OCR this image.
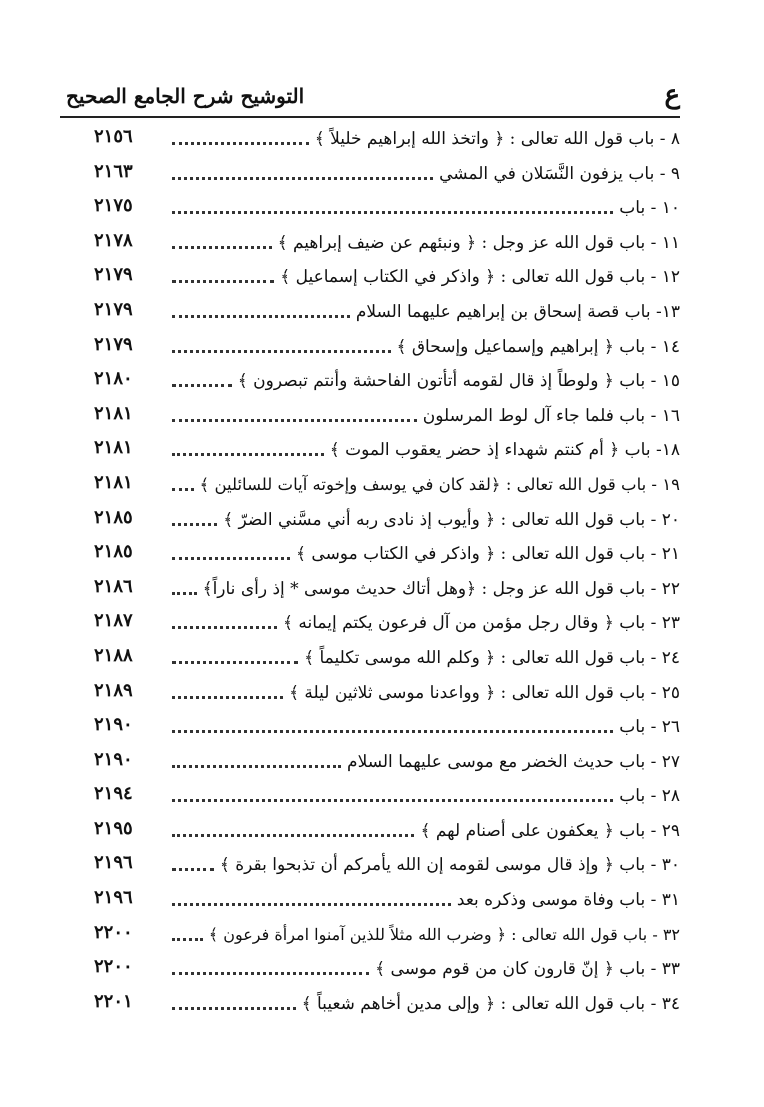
ع
التوشيح شرح الجامع الصحيح
٢١٥٦	٨ - باب قول الله تعالى : ﴿ واتخذ الله إبراهيم خليلاً ﴾
٢١٦٣	٩ - باب يزفون النَّسَلان في المشي
٢١٧٥	١٠ - باب
٢١٧٨	١١ - باب قول الله عز وجل : ﴿ ونبئهم عن ضيف إبراهيم ﴾
٢١٧٩	١٢ - باب قول الله تعالى : ﴿ واذكر في الكتاب إسماعيل ﴾
٢١٧٩	١٣- باب قصة إسحاق بن إبراهيم عليهما السلام
٢١٧٩	١٤ - باب ﴿ إبراهيم وإسماعيل وإسحاق ﴾
٢١٨٠	١٥ - باب ﴿ ولوطاً إذ قال لقومه أتأتون الفاحشة وأنتم تبصرون ﴾
٢١٨١	١٦ - باب فلما جاء آل لوط المرسلون
٢١٨١	١٨- باب ﴿ أم كنتم شهداء إذ حضر يعقوب الموت ﴾
٢١٨١	١٩ - باب قول الله تعالى : ﴿لقد كان في يوسف وإخوته آيات للسائلين ﴾
٢١٨٥	٢٠ - باب قول الله تعالى : ﴿ وأيوب إذ نادى ربه أني مسَّني الضرّ ﴾
٢١٨٥	٢١ - باب قول الله تعالى : ﴿ واذكر في الكتاب موسى ﴾
٢١٨٦	٢٢ - باب قول الله عز وجل : ﴿وهل أتاك حديث موسى * إذ رأى ناراً﴾
٢١٨٧	٢٣ - باب ﴿ وقال رجل مؤمن من آل فرعون يكتم إيمانه ﴾
٢١٨٨	٢٤ - باب قول الله تعالى : ﴿ وكلم الله موسى تكليماً ﴾
٢١٨٩	٢٥ - باب قول الله تعالى : ﴿ وواعدنا موسى ثلاثين ليلة ﴾
٢١٩٠	٢٦ - باب
٢١٩٠	٢٧ - باب حديث الخضر مع موسى عليهما السلام
٢١٩٤	٢٨ - باب
٢١٩٥	٢٩ - باب ﴿ يعكفون على أصنام لهم ﴾
٢١٩٦	٣٠ - باب ﴿ وإذ قال موسى لقومه إن الله يأمركم أن تذبحوا بقرة ﴾
٢١٩٦	٣١ - باب وفاة موسى وذكره بعد
٢٢٠٠	٣٢ - باب قول الله تعالى : ﴿ وضرب الله مثلاً للذين آمنوا امرأة فرعون ﴾
٢٢٠٠	٣٣ - باب ﴿ إنّ قارون كان من قوم موسى ﴾
٢٢٠١	٣٤ - باب قول الله تعالى : ﴿ وإلى مدين أخاهم شعيباً ﴾
